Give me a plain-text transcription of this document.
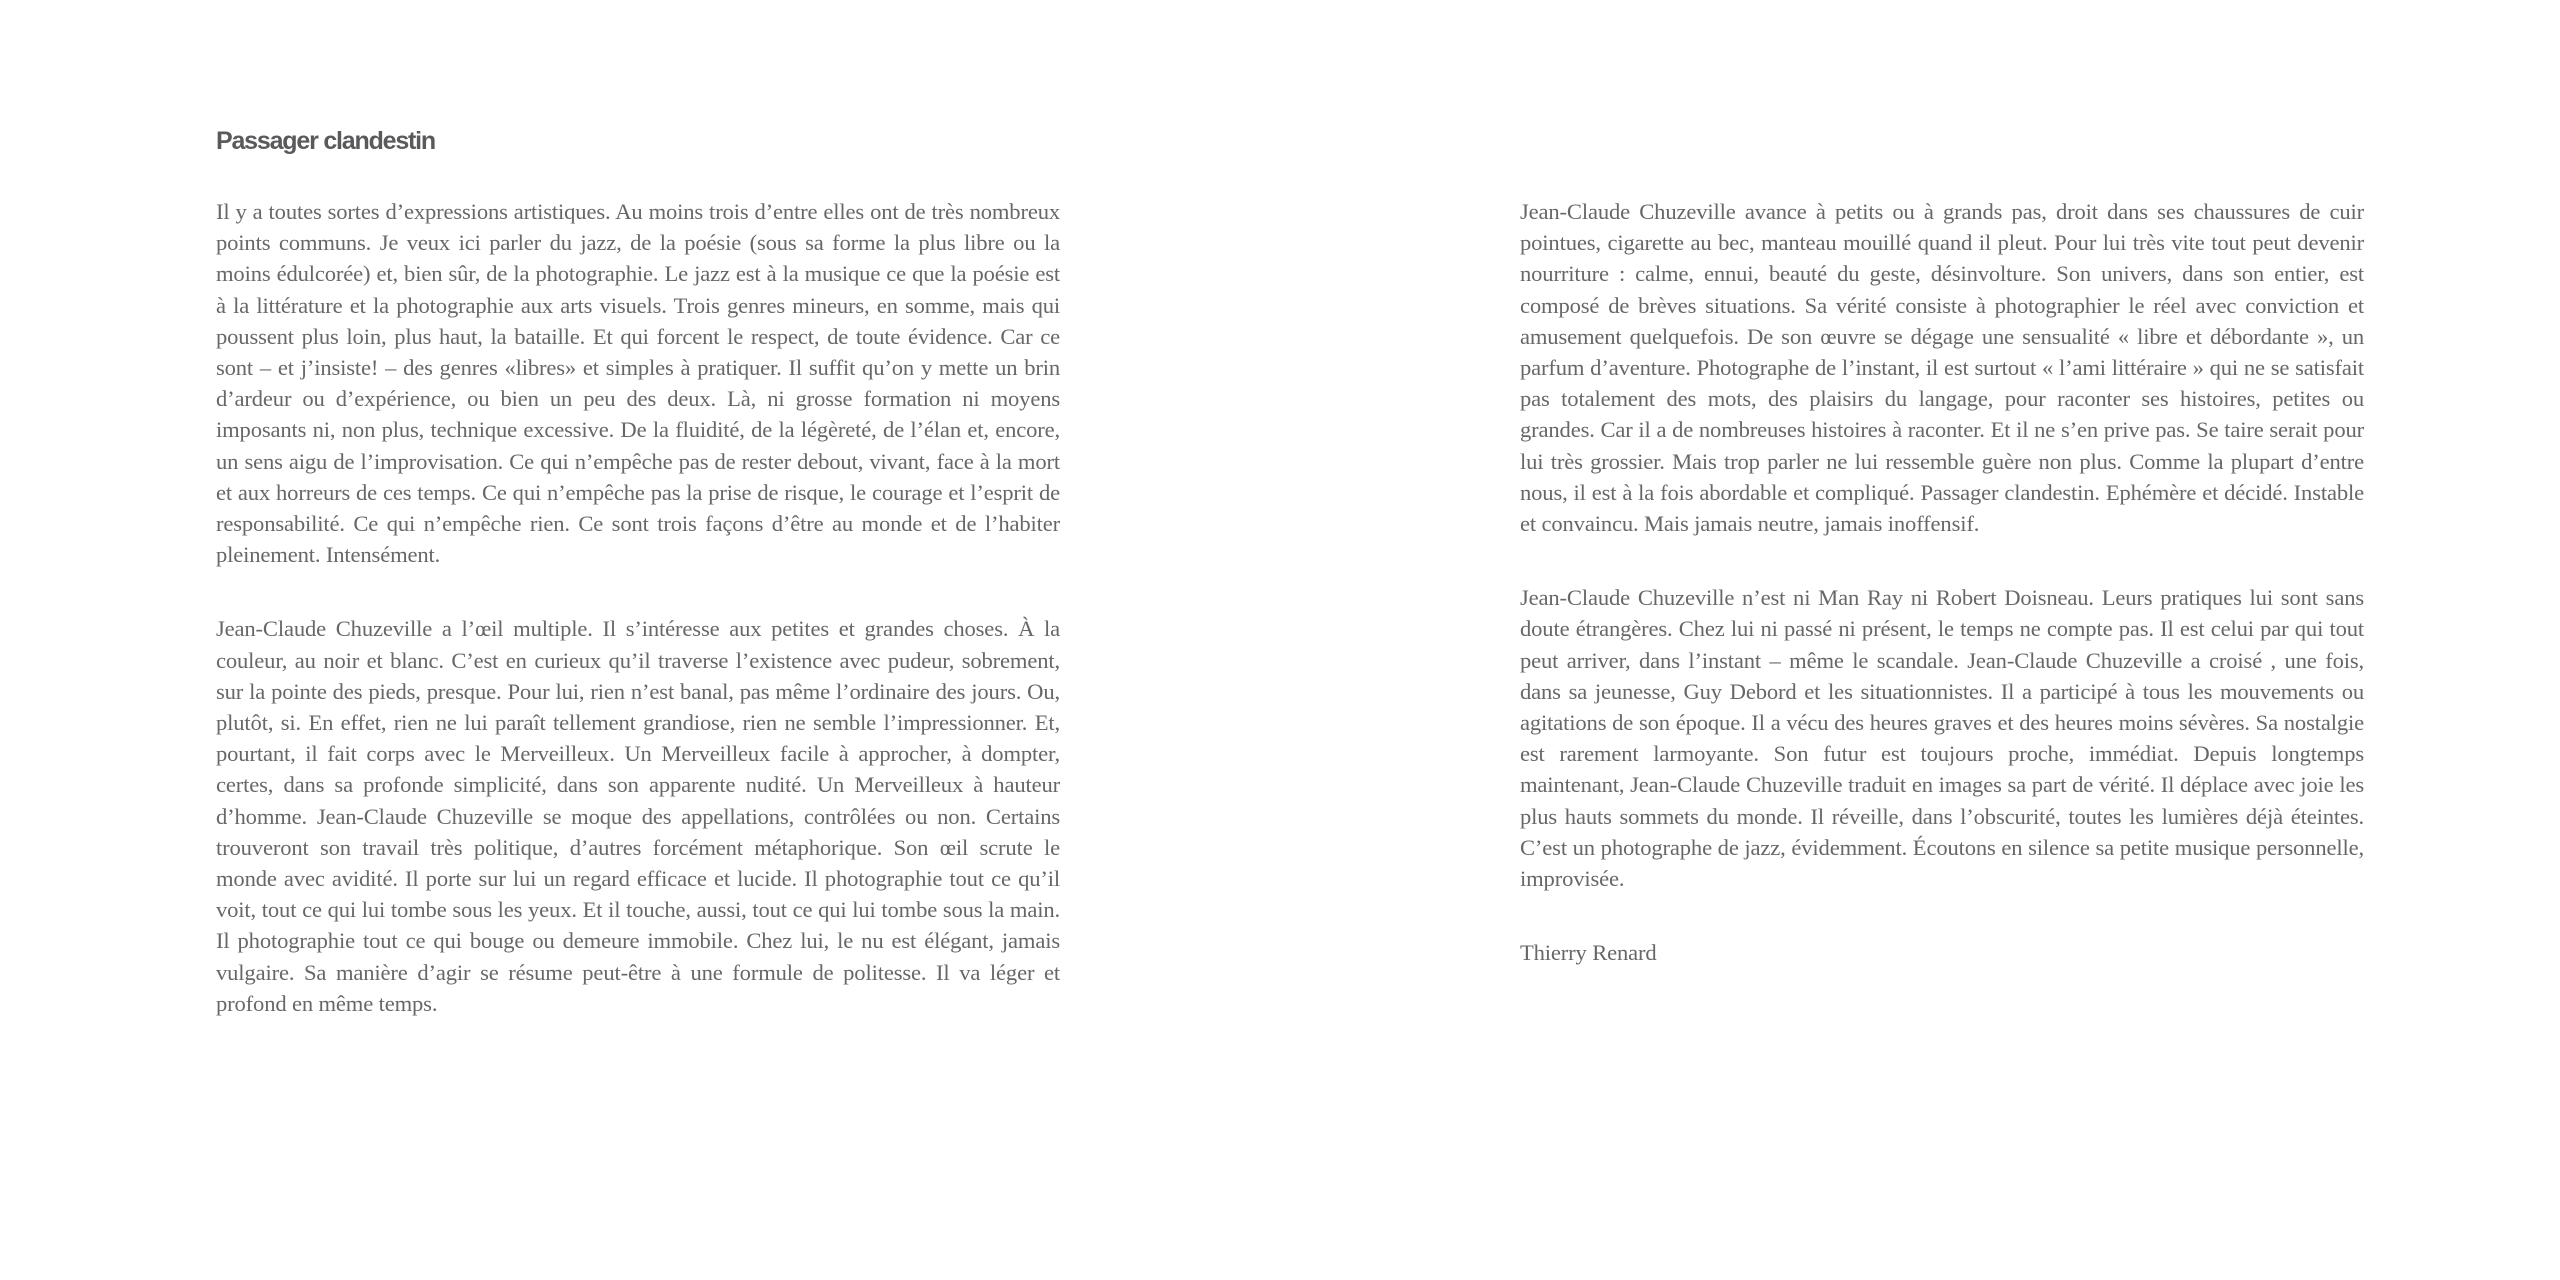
Passager clandestin

Il y a toutes sortes d’expressions artistiques. Au moins trois d’entre elles ont de très nombreux points communs. Je veux ici parler du jazz, de la poésie (sous sa forme la plus libre ou la moins édulcorée) et, bien sûr, de la photographie. Le jazz est à la musique ce que la poésie est à la littérature et la photographie aux arts visuels. Trois genres mineurs, en somme, mais qui poussent plus loin, plus haut, la bataille. Et qui forcent le respect, de toute évidence. Car ce sont – et j’insiste! – des genres «libres» et simples à pratiquer. Il suffit qu’on y mette un brin d’ardeur ou d’expérience, ou bien un peu des deux. Là, ni grosse formation ni moyens imposants ni, non plus, technique excessive. De la fluidité, de la légèreté, de l’élan et, encore, un sens aigu de l’improvisation. Ce qui n’empêche pas de rester debout, vivant, face à la mort et aux horreurs de ces temps. Ce qui n’empêche pas la prise de risque, le courage et l’esprit de responsabilité. Ce qui n’empêche rien. Ce sont trois façons d’être au monde et de l’habiter pleinement. Intensément.

Jean-Claude Chuzeville a l’œil multiple. Il s’intéresse aux petites et grandes choses. À la couleur, au noir et blanc. C’est en curieux qu’il traverse l’existence avec pudeur, sobrement, sur la pointe des pieds, presque. Pour lui, rien n’est banal, pas même l’ordinaire des jours. Ou, plutôt, si. En effet, rien ne lui paraît tellement grandiose, rien ne semble l’impressionner. Et, pourtant, il fait corps avec le Merveilleux. Un Merveilleux facile à approcher, à dompter, certes, dans sa profonde simplicité, dans son apparente nudité. Un Merveilleux à hauteur d’homme. Jean-Claude Chuzeville se moque des appellations, contrôlées ou non. Certains trouveront son travail très politique, d’autres forcément métaphorique. Son œil scrute le monde avec avidité. Il porte sur lui un regard efficace et lucide. Il photographie tout ce qu’il voit, tout ce qui lui tombe sous les yeux. Et il touche, aussi, tout ce qui lui tombe sous la main. Il photographie tout ce qui bouge ou demeure immobile. Chez lui, le nu est élégant, jamais vulgaire. Sa manière d’agir se résume peut-être à une formule de politesse. Il va léger et profond en même temps.

Jean-Claude Chuzeville avance à petits ou à grands pas, droit dans ses chaussures de cuir pointues, cigarette au bec, manteau mouillé quand il pleut. Pour lui très vite tout peut devenir nourriture : calme, ennui, beauté du geste, désinvolture. Son univers, dans son entier, est composé de brèves situations. Sa vérité consiste à photographier le réel avec conviction et amusement quelquefois. De son œuvre se dégage une sensualité « libre et débordante », un parfum d’aventure. Photographe de l’instant, il est surtout « l’ami littéraire » qui ne se satisfait pas totalement des mots, des plaisirs du langage, pour raconter ses histoires, petites ou grandes. Car il a de nombreuses histoires à raconter. Et il ne s’en prive pas. Se taire serait pour lui très grossier. Mais trop parler ne lui ressemble guère non plus. Comme la plupart d’entre nous, il est à la fois abordable et compliqué. Passager clandestin. Ephémère et décidé. Instable et convaincu. Mais jamais neutre, jamais inoffensif.

Jean-Claude Chuzeville n’est ni Man Ray ni Robert Doisneau. Leurs pratiques lui sont sans doute étrangères. Chez lui ni passé ni présent, le temps ne compte pas. Il est celui par qui tout peut arriver, dans l’instant – même le scandale. Jean-Claude Chuzeville a croisé , une fois, dans sa jeunesse, Guy Debord et les situationnistes. Il a participé à tous les mouvements ou agitations de son époque. Il a vécu des heures graves et des heures moins sévères. Sa nostalgie est rarement larmoyante. Son futur est toujours proche, immédiat. Depuis longtemps maintenant, Jean-Claude Chuzeville traduit en images sa part de vérité. Il déplace avec joie les plus hauts sommets du monde. Il réveille, dans l’obscurité, toutes les lumières déjà éteintes. C’est un photographe de jazz, évidemment. Écoutons en silence sa petite musique personnelle, improvisée.

Thierry Renard
